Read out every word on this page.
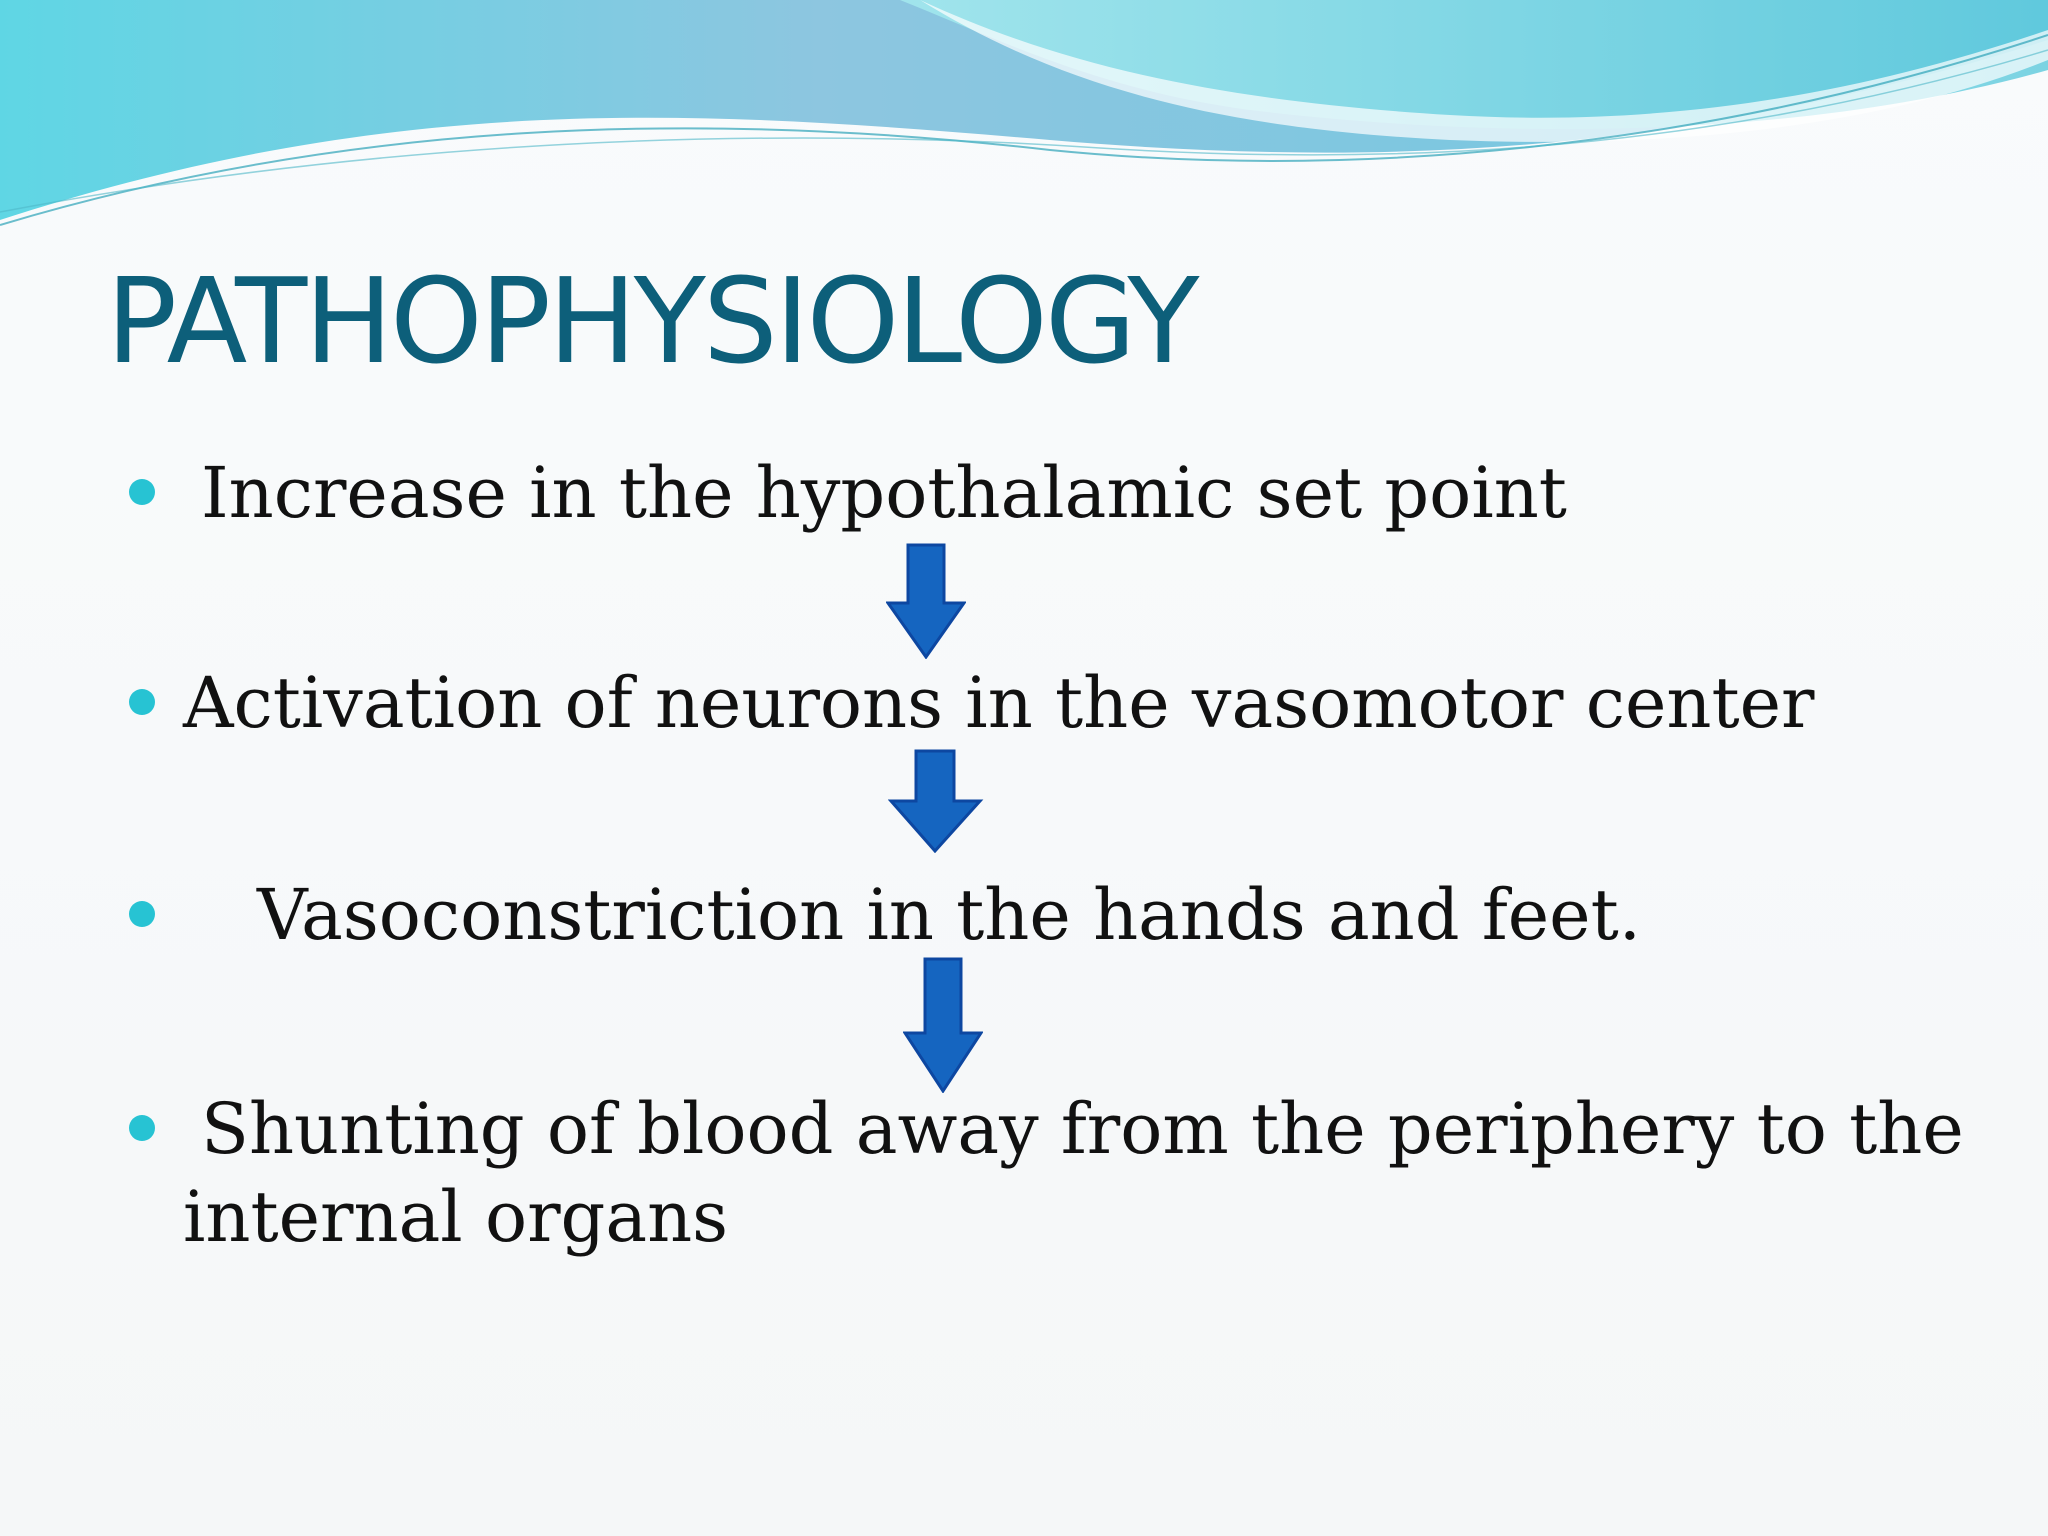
PATHOPHYSIOLOGY
Increase in the hypothalamic set point
Activation of neurons in the vasomotor center
Vasoconstriction in the hands and feet.
Shunting of blood away from the periphery to the
internal organs
